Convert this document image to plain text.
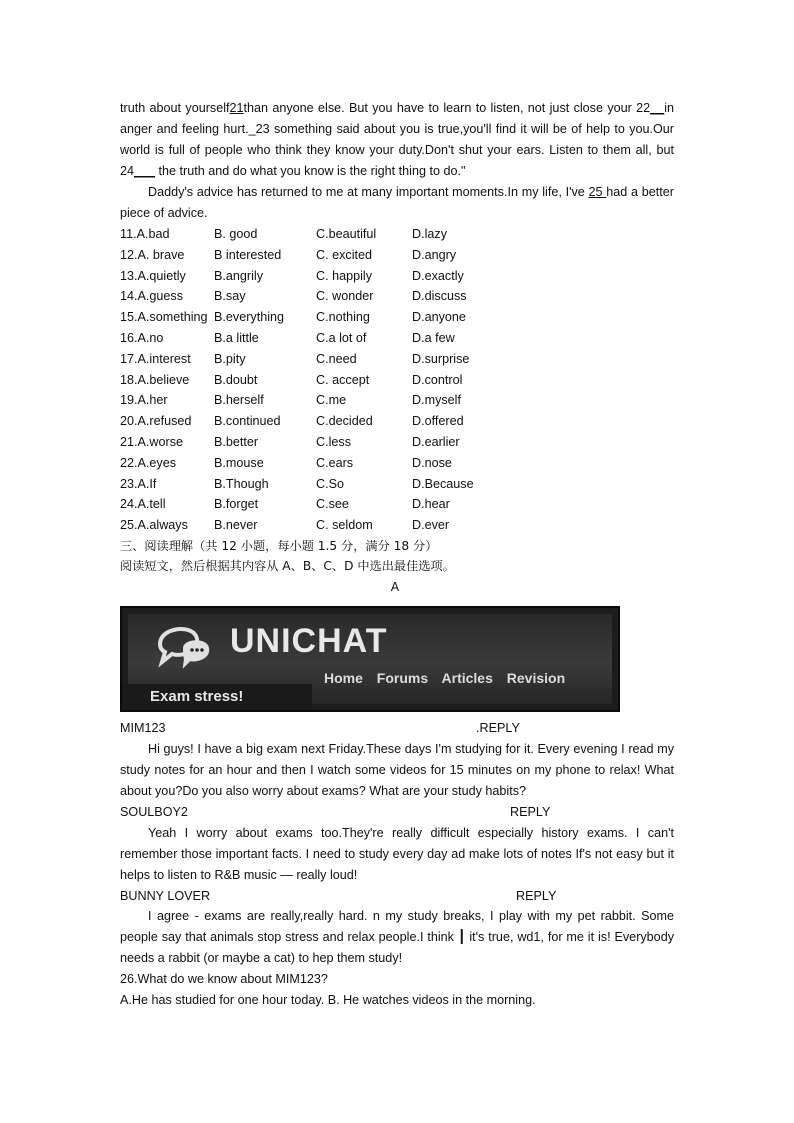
truth about yourself21than anyone else. But you have to learn to listen, not just close your 22__in anger and feeling hurt._23 something said about you is true,you'll find it will be of help to you.Our world is full of people who think they know your duty.Don't shut your ears. Listen to them all, but 24___ the truth and do what you know is the right thing to do."

Daddy's advice has returned to me at many important moments.In my life, I've 25 had a better piece of advice.

11.A.bad	B. good	C.beautiful	D.lazy
12.A. brave B interested	C. excited	D.angry
13.A.quietly B.angrily	C. happily	D.exactly
14.A.guess B.say	C. wonder	D.discuss
15.A.something B.everything	C.nothing	D.anyone
16.A.no	B.a little	C.a lot of	D.a few
17.A.interest B.pity	C.need	D.surprise
18.A.believe B.doubt	C. accept	D.control
19.A.her	B.herself	C.me	D.myself
20.A.refused B.continued	C.decided	D.offered
21.A.worse B.better	C.less	D.earlier
22.A.eyes	B.mouse	C.ears	D.nose
23.A.If	B.Though	C.So	D.Because
24.A.tell	B.forget	C.see	D.hear
25.A.always B.never	C. seldom	D.ever
三、阅读理解（共 12 小题，每小题 1.5 分，满分 18 分）
阅读短文，然后根据其内容从 A、B、C、D 中选出最佳选项。
A
UNICHAT
Home Forums Articles Revision
Exam stress!
MIM123	.REPLY

Hi guys! I have a big exam next Friday.These days I'm studying for it. Every evening I read my study notes for an hour and then I watch some videos for 15 minutes on my phone to relax! What about you?Do you also worry about exams? What are your study habits?

SOULBOY2	REPLY

Yeah I worry about exams too.They're really difficult especially history exams. I can't remember those important facts. I need to study every day ad make lots of notes If's not easy but it helps to listen to R&B music — really loud!

BUNNY LOVER	REPLY

I agree - exams are really,really hard. n my study breaks, I play with my pet rabbit. Some people say that animals stop stress and relax people.I think ┃ it's true, wd1, for me it is! Everybody needs a rabbit (or maybe a cat) to hep them study!

26.What do we know about MIM123?
A.He has studied for one hour today. B. He watches videos in the morning.
